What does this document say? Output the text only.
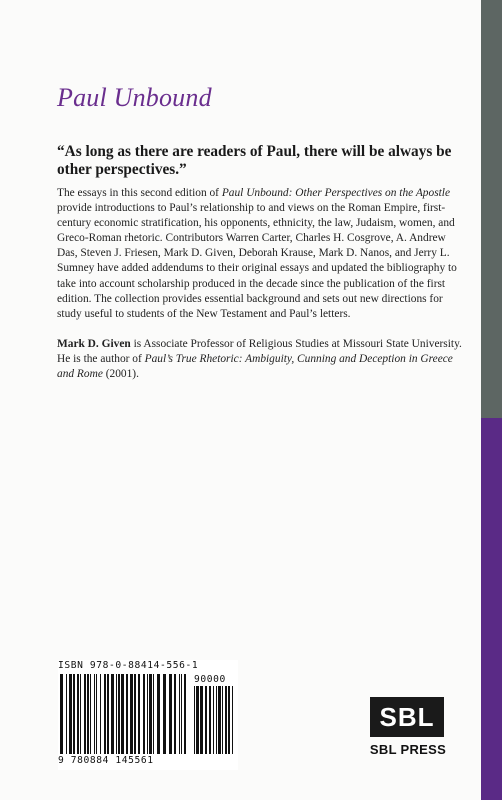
Paul Unbound
“As long as there are readers of Paul, there will be always be other perspectives.”
The essays in this second edition of Paul Unbound: Other Perspectives on the Apostle provide introductions to Paul’s relationship to and views on the Roman Empire, first-century economic stratification, his opponents, ethnicity, the law, Judaism, women, and Greco-Roman rhetoric. Contributors Warren Carter, Charles H. Cosgrove, A. Andrew Das, Steven J. Friesen, Mark D. Given, Deborah Krause, Mark D. Nanos, and Jerry L. Sumney have added addendums to their original essays and updated the bibliography to take into account scholarship produced in the decade since the publication of the first edition. The collection provides essential background and sets out new directions for study useful to students of the New Testament and Paul’s letters.
Mark D. Given is Associate Professor of Religious Studies at Missouri State University. He is the author of Paul’s True Rhetoric: Ambiguity, Cunning and Deception in Greece and Rome (2001).
ISBN 978-0-88414-556-1
90000
9 780884 145561
SBL
SBL PRESS
